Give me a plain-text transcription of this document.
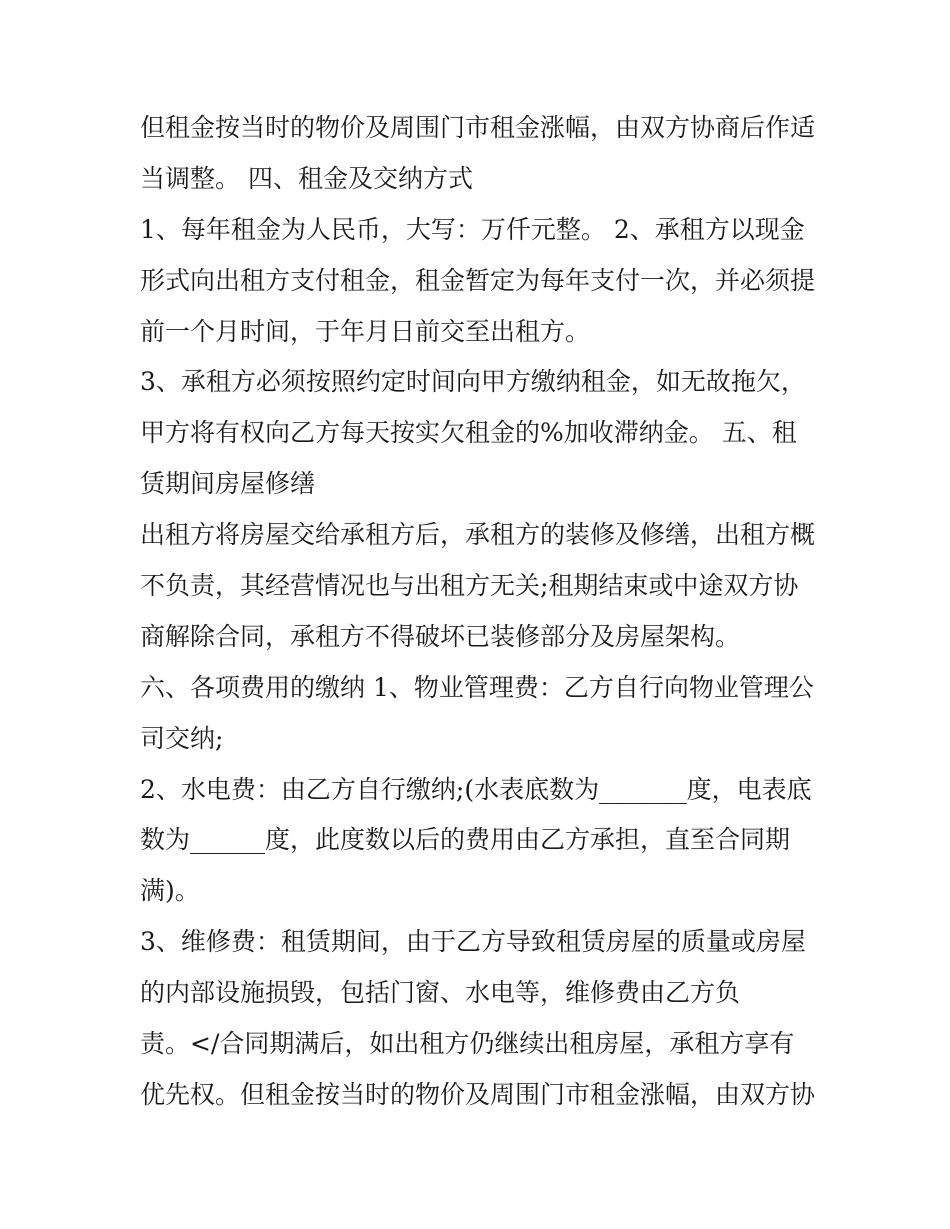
但租金按当时的物价及周围门市租金涨幅，由双方协商后作适
当调整。 四、租金及交纳方式
1、每年租金为人民币，大写：万仟元整。 2、承租方以现金
形式向出租方支付租金，租金暂定为每年支付一次，并必须提
前一个月时间，于年月日前交至出租方。
3、承租方必须按照约定时间向甲方缴纳租金，如无故拖欠，
甲方将有权向乙方每天按实欠租金的%加收滞纳金。 五、租
赁期间房屋修缮
出租方将房屋交给承租方后，承租方的装修及修缮，出租方概
不负责，其经营情况也与出租方无关;租期结束或中途双方协
商解除合同，承租方不得破坏已装修部分及房屋架构。
六、各项费用的缴纳 1、物业管理费：乙方自行向物业管理公
司交纳;
2、水电费：由乙方自行缴纳;(水表底数为_______度，电表底
数为______度，此度数以后的费用由乙方承担，直至合同期
满)。
3、维修费：租赁期间，由于乙方导致租赁房屋的质量或房屋
的内部设施损毁，包括门窗、水电等，维修费由乙方负
责。</合同期满后，如出租方仍继续出租房屋，承租方享有
优先权。但租金按当时的物价及周围门市租金涨幅，由双方协
